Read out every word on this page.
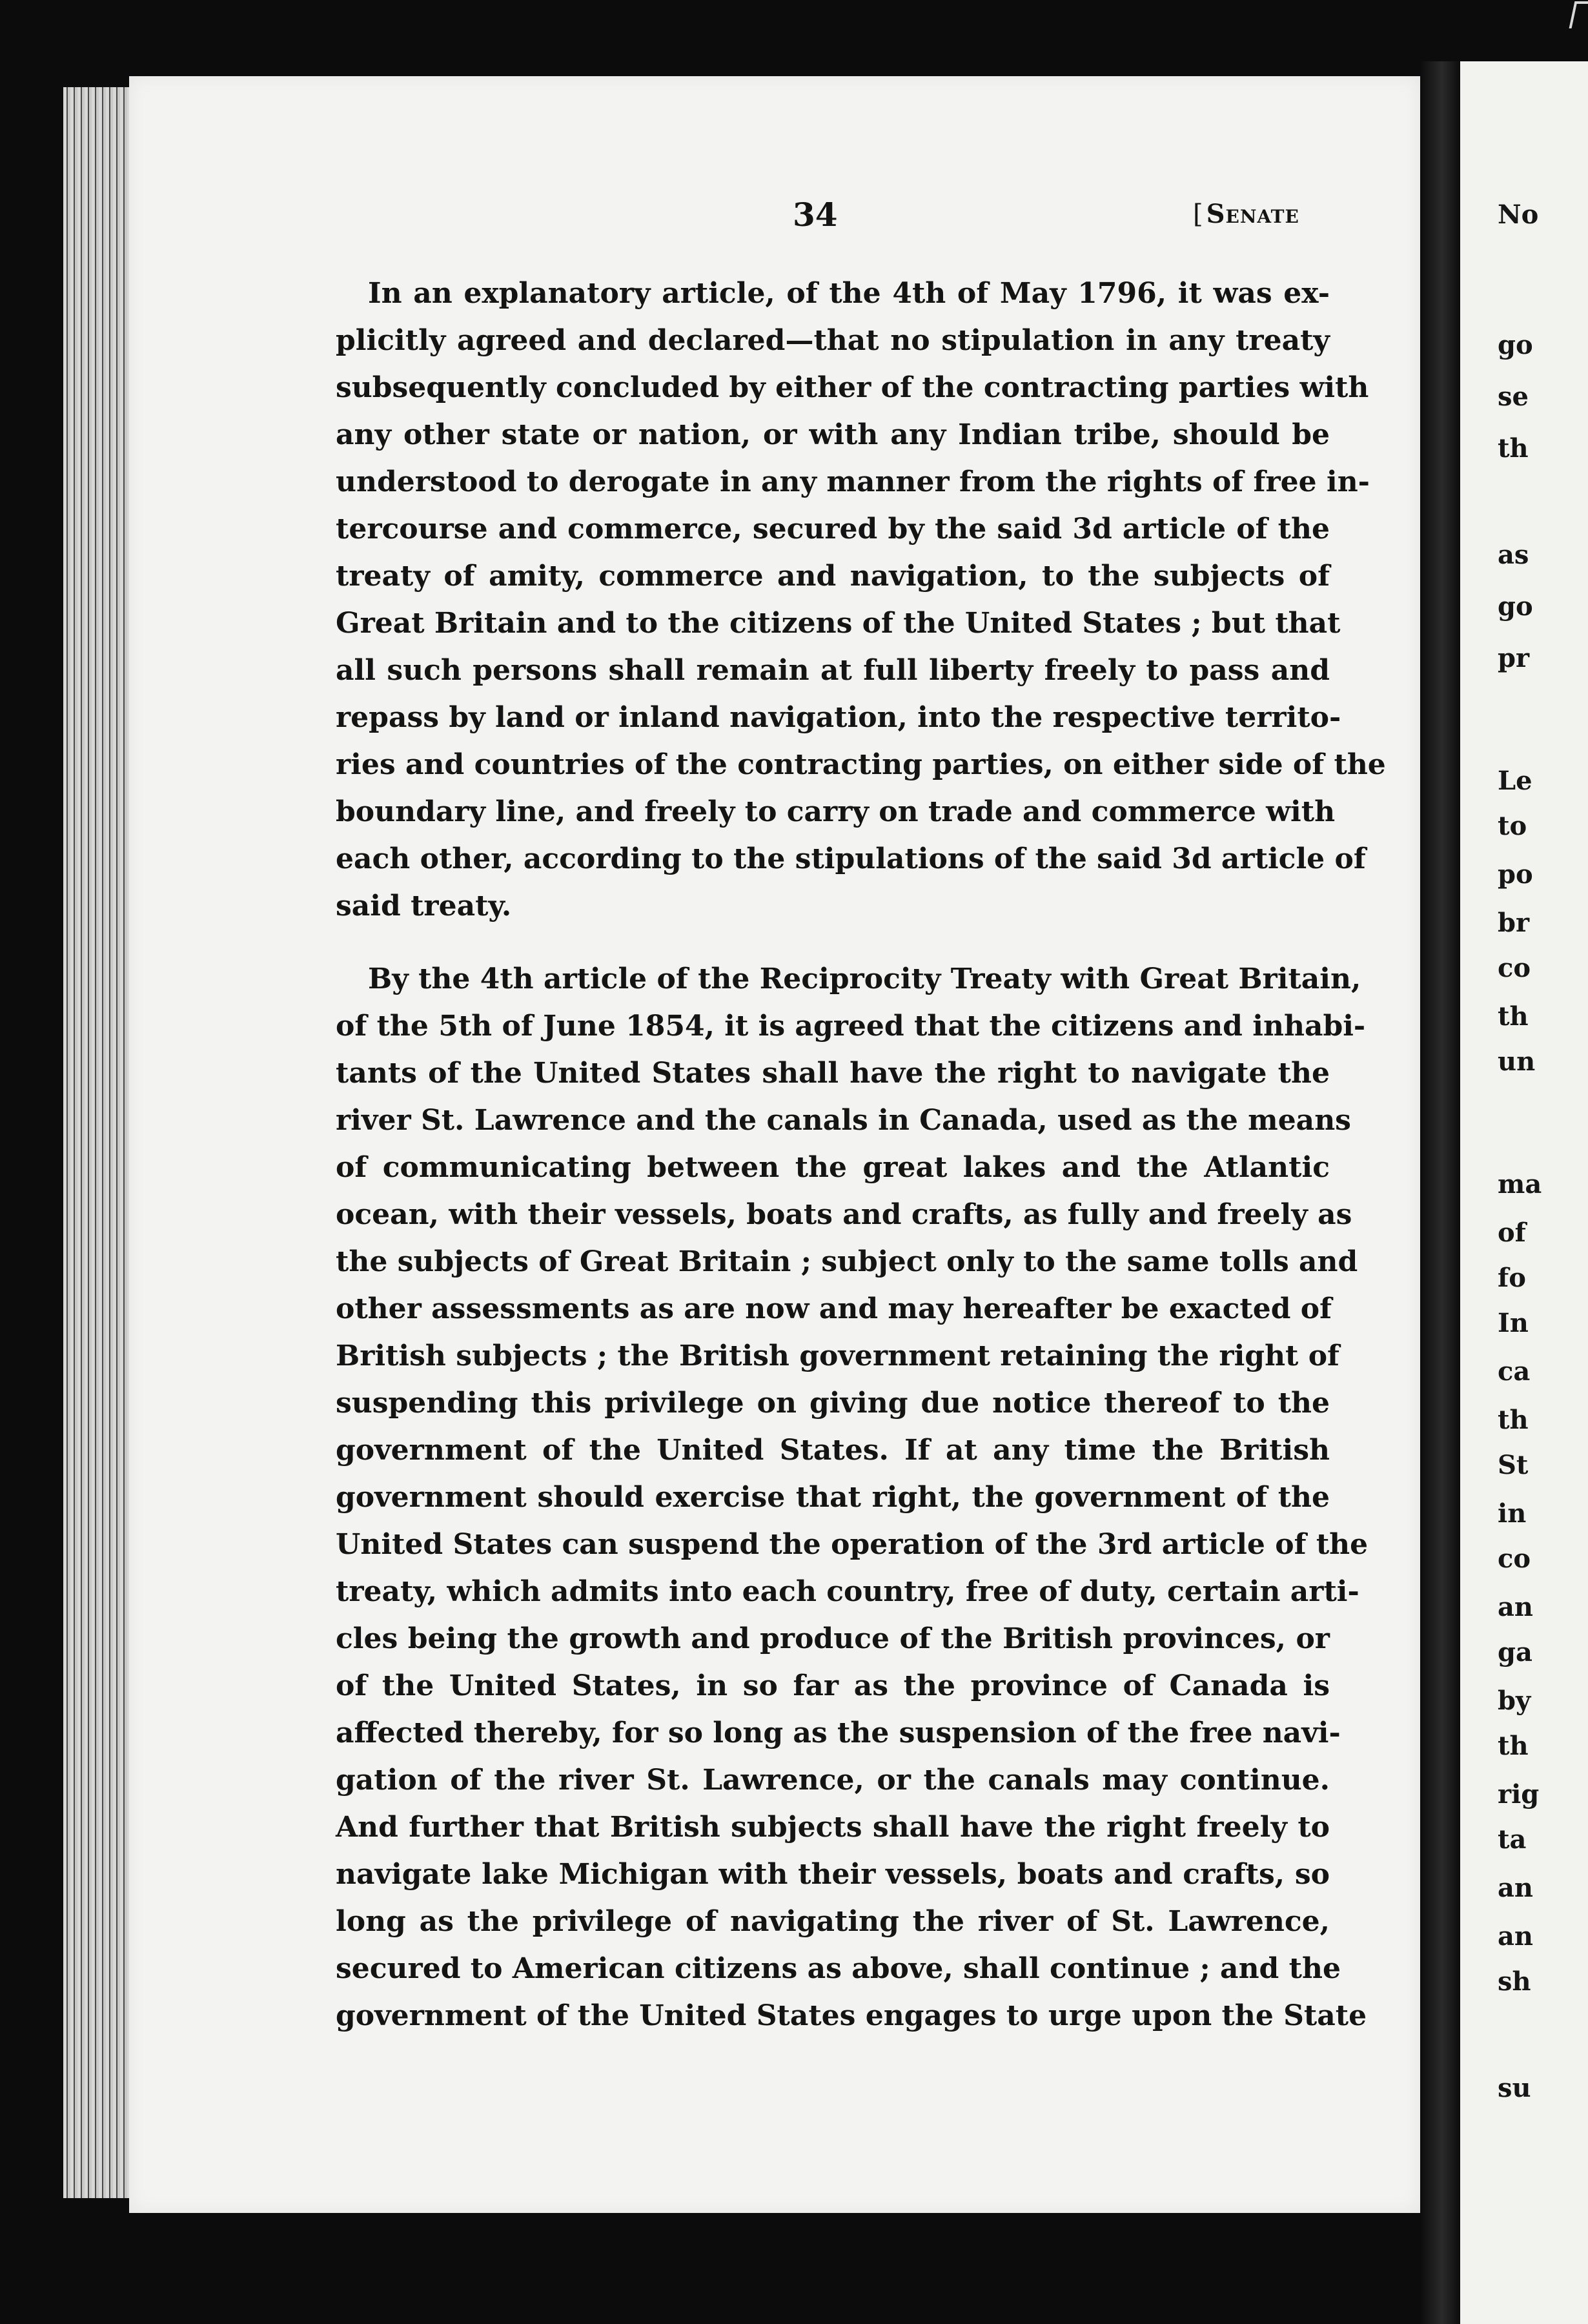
No

go

se

th

as

go

pr

Le

to

po

br

co

th

un

ma

of

fo

In

ca

th

St

in

co

an

ga

by

th

rig

ta

an

an

sh

su

34	[ Senate

In an explanatory article, of the 4th of May 1796, it was ex-
plicitly agreed and declared—that no stipulation in any treaty
subsequently concluded by either of the contracting parties with
any other state or nation, or with any Indian tribe, should be
understood to derogate in any manner from the rights of free in-
tercourse and commerce, secured by the said 3d article of the
treaty of amity, commerce and navigation, to the subjects of
Great Britain and to the citizens of the United States ; but that
all such persons shall remain at full liberty freely to pass and
repass by land or inland navigation, into the respective territo-
ries and countries of the contracting parties, on either side of the
boundary line, and freely to carry on trade and commerce with
each other, according to the stipulations of the said 3d article of
said treaty.

By the 4th article of the Reciprocity Treaty with Great Britain,
of the 5th of June 1854, it is agreed that the citizens and inhabi-
tants of the United States shall have the right to navigate the
river St. Lawrence and the canals in Canada, used as the means
of communicating between the great lakes and the Atlantic
ocean, with their vessels, boats and crafts, as fully and freely as
the subjects of Great Britain ; subject only to the same tolls and
other assessments as are now and may hereafter be exacted of
British subjects ; the British government retaining the right of
suspending this privilege on giving due notice thereof to the
government of the United States. If at any time the British
government should exercise that right, the government of the
United States can suspend the operation of the 3rd article of the
treaty, which admits into each country, free of duty, certain arti-
cles being the growth and produce of the British provinces, or
of the United States, in so far as the province of Canada is
affected thereby, for so long as the suspension of the free navi-
gation of the river St. Lawrence, or the canals may continue.
And further that British subjects shall have the right freely to
navigate lake Michigan with their vessels, boats and crafts, so
long as the privilege of navigating the river of St. Lawrence,
secured to American citizens as above, shall continue ; and the
government of the United States engages to urge upon the State
